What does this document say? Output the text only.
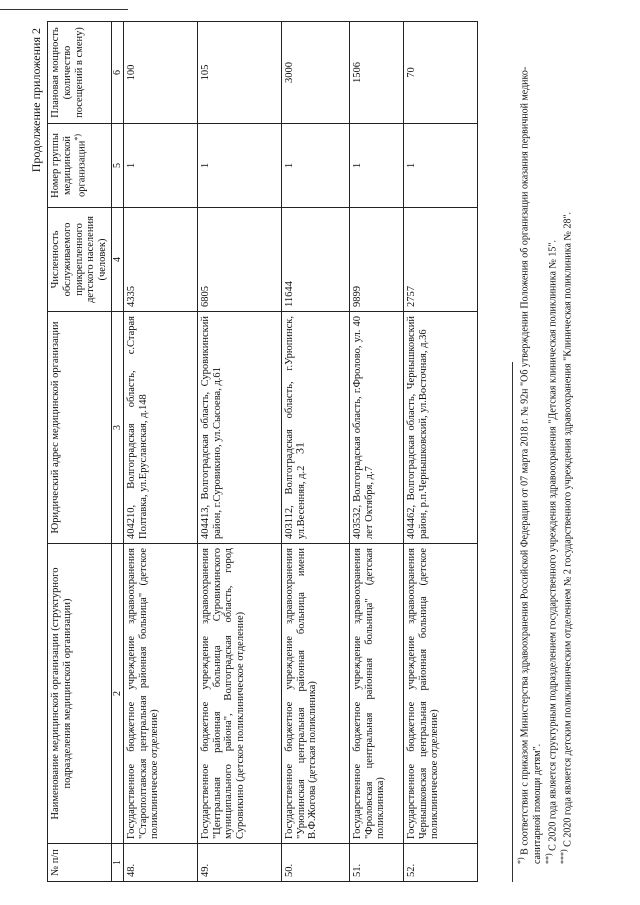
31
Продолжение приложения 2
№ п/п	Наименование медицинской организации (структурного подразделения медицинской организации)	Юридический адрес медицинской организации	Численность обслуживаемого прикрепленного детского населения (человек)	Номер группы медицинской организации*)	Плановая мощность (количество посещений в смену)
1	2	3	4	5	6
48.	Государственное бюджетное учреждение здравоохранения "Старополтавская центральная районная больница" (детское поликлиническое отделение)	404210, Волгоградская область, с.Старая Полтавка, ул.Ерусланская, д.148	4335	1	100
49.	Государственное бюджетное учреждение здравоохранения "Центральная районная больница Суровикинского муниципального района", Волгоградская область, город Суровикино (детское поликлиническое отделение)	404413, Волгоградская область, Суровикинский район, г.Суровикино, ул.Сысоева, д.61	6805	1	105
50.	Государственное бюджетное учреждение здравоохранения "Урюпинская центральная районная больница имени В.Ф.Жогова (детская поликлиника)	403112, Волгоградская область, г.Урюпинск, ул.Весенняя, д.2	11644	1	3000
51.	Государственное бюджетное учреждение здравоохранения "Фроловская центральная районная больница" (детская поликлиника)	403532, Волгоградская область, г.Фролово, ул. 40 лет Октября, д.7	9899	1	1506
52.	Государственное бюджетное учреждение здравоохранения Чернышковская центральная районная больница (детское поликлиническое отделение)	404462, Волгоградская область, Чернышковский район, р.п.Чернышковский, ул.Восточная, д.36	2757	1	70

*) В соответствии с приказом Министерства здравоохранения Российской Федерации от 07 марта 2018 г. № 92н "Об утверждении Положения об организации оказания первичной медико-санитарной помощи детям". **) С 2020 года является структурным подразделением государственного учреждения здравоохранения "Детская клиническая поликлиника № 15".

***) С 2020 года является детским поликлиническим отделением № 2 государственного учреждения здравоохранения "Клиническая поликлиника № 28".
